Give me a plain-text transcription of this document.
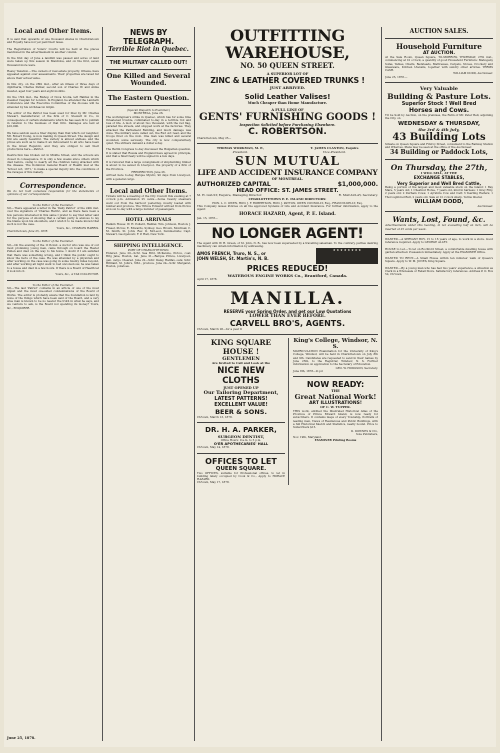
Local and Other Items.

It is said that upwards of one thousand shares in Charlottetown and Royalty have not yet paid their taxes.

The Registration of Voters' Courts will be held at the places mentioned in the advertisement in another column.

In the first day of June a landbill was passed and acres of land were taken up this season in Manitoba, and on the first, seven thousand more were.

Heavy Taxation.—The owners of real estate property, Ottawa, have appealed against over assessments. Their properties are taxed far above their actual value.

In this city, on the 28th inst., after an illness of three days of diphtheria, Charles Parker, second son of Charles W. and Annie Gaudet, aged four years and eight months.

On the 15th inst., the Bishop of Nova Scotia, left Halifax in the steamer Caspian for London. In England, he attended the Lambeth Conference and the Executive Committee of the diocese will be attended by his Archdeacon Gilpin.

The editor of the Patriot has been sued for libel by Mr. Charles Stewart, manufacturer, of the firm of C. Stewart & Co., in consequence of certain statements which he has seen fit to publish in relation to the business of that firm. Damages are laid at $10,000.

We have seldom seen a finer display than that which our neighbor, Mr. Robert Young, is now making in Queen Street. The design and tint are easily beautiful. The variety is almost endless, and the prices are such as to make it an inducement to all who have been in the Great Republic, and they are obliged to sell their productions here.—Patriot.

Destruction has broken out in Middle Street, and the schools are closed in consequence. It is only a few weeks since others which died before, owing to nearly all the children being attacked with the disease. The Dominion General Board of Health met at the 'School Act, 1871,' to make a special inquiry into the conditions of the ravages of this malady.

Correspondence.

We do not hold ourselves responsible for the statements or opinions of our correspondents.

To the Editor of the Examiner.

Sir,—There appeared a letter in the 'Daily Patriot' of the 24th inst. over the signature of 'Charles Harris', and as there have been a few persons interested in this same I prefer to say that letter said for the purpose of showing that a certain party is anxious to lay the blame upon his shoulders, and I wish it to be made known that such is not the case.

Yours, &c., CHARLES HARRIS.

Charlottetown, June 25, 1878.

To the Editor of the Examiner.

Sir,—On the evening of the 11th inst. a doctor who was one of our most promising young men, came through on board the Hester Pullen and died on the way to his home. I doubt if I am satisfied that there was something wrong, and I think the public ought to know the facts of the case. He was attended by a physician and after working on the case was going in some twenty miles beyond, and after working all night went to bed unconscious; he was taken to a house and died in a few hours. If there is a Board of Health let it look into it.

Yours, &c., A TAX COLLECTOR.

To the Editor of the Examiner.

Sir,—The last 'Patriot' contains in an article of one of the most unjust and the most one-sided condemnations of the Board of Works. The editor is probably aware that the foundation is laid by none of the things which have been said of the Board, and a very wise man is known to be no nearer the truth in what he says, and we venture to ask, is the Board not spending its money? Yours, &c., ENQUIRER.

June 25, 1878.
NEWS BY TELEGRAPH.
Terrible Riot in Quebec.
THE MILITARY CALLED OUT!
One Killed and Several Wounded.
The Eastern Question.

(Special Dispatch to Examiner.)

MONTREAL, June 26.

The workingmen's strike in Quebec, which has for some time threatened trouble, culminated to-day in a terrible riot and loss of life. A mob of about two thousand, with the red flag, paraded the streets, and stopped work at the factories. They attacked the Parliament Building, and much damage was done. The military were called out, the Riot Act read, and the troops fired on the mob. One man was killed and several wounded, some seriously. The city is now comparatively quiet. The strikers demand a dollar a day.

The Berlin Congress to-day discussed the Bulgarian question. It is stated that Russia and England have agreed in principle, and that a final treaty will be signed in a few days.

It is rumored that a large consignment of shipbuilding timber is about to be seized in Liverpool, the property of a firm of the Province.

FREDERICTON, June 26.

Arrived here to-day, Barque Mystic, 90 days from Liverpool, with a general cargo.

Local and Other Items.

Tickets will be a meeting of the City Council this evening at 7 o'clock p.m. Admission 25 cents.—Some twenty steamers went out from the harbour yesterday, mostly loaded with lumber and produce. The 'Prince Edward' arrived from Pictou at noon to-day with a large number of passengers.

HOTEL ARRIVALS

Rankin House: W. H. Pollard, Halifax; Wm. Johnson, Boston; J. Fraser, Pictou; E. Edwards, Sydney; Geo. Brown, Montreal; C. M. Smith, St. John; Rev. D. McLeod, Summerside; Capt. Stewart, Georgetown; F. P. Hall, New York.

SHIPPING INTELLIGENCE.

PORT OF CHARLOTTETOWN.

Entered. June 20—Schr. Sea Bird, McKenzie, Pictou, coal; Brig Jane, Boston, bal. June 21—Barque Prince, Liverpool, gen. cargo. Cleared. June 22—Schr. Daisy, Halifax, oats; Schr. Brilliant, St. John's, Nfld., produce. June 24—Schr. Margaret, Boston, potatoes.

OUTFITTING WAREHOUSE,
NO. 50 QUEEN STREET.
A SUPERIOR LOT OF
ZINC & LEATHER COVERED TRUNKS !
JUST ARRIVED.
Solid Leather Valises!
Much Cheaper than Home Manufacture.
A FULL LINE OF
GENTS' FURNISHING GOODS !
Inspection Solicited before Purchasing Elsewhere.
C. ROBERTSON.

Charlottetown, May 25—

THOMAS WORKMAN, M. P.,
President.
T. JAMES CLAXTON, Esquire
Vice-President.
SUN MUTUAL
LIFE AND ACCIDENT INSURANCE COMPANY
OF MONTREAL.
AUTHORIZED CAPITAL	$1,000,000.
HEAD OFFICE: ST. JAMES STREET.
M. H. GAULT, Esquire, Managing Director.	R. MACAULAY, Secretary.
CHARLOTTETOWN P. E. ISLAND DIRECTORS:

HON. L. C. OWEN, HON. J. F. ROBERTSON, HON. J. PATTON, OWEN CONNOLLY, Esq., FRANCIS KELLY, Esq.

This Company issues Policies on all the approved Systems of Life and Accident Insurance. For further information, apply to the Agent:

HORACE HAZARD, Agent, P. E. Island.

Jan. 15, 1878—

NO LONGER AGENT!

The Agent with W. H. Green, of St. John, N. B., has now been superseded by a travelling salesman. To the contrary, parties desiring machinery can obtain information by addressing.

AMOS FRENCH, Truro, N. S., or
JOHN WELSH, St. Martin's, N. B.
★ ★ ★ ★ ★ ★ ★ ★
PRICES REDUCED!
WATEROUS ENGINE WORKS Co., Brantford, Canada.

April 17, 1878.

MANILLA.
RESERVE your Spring Order, and get our Low Quotations
LOWER THAN EVER BEFORE.
CARVELL BRO'S, AGENTS.

Ch'town, March 26—for a year tl

KING SQUARE HOUSE !
GENTLEMEN
Are Invited to Call and Look at the
NICE NEW CLOTHS
JUST OPENED UP
Our Tailoring Department,
LATEST PATTERNS!
EXCELLENT VALUE!
BEER & SONS.

Ch'town, March 13, 1878.

DR. H. A. PARKER,
SURGEON DENTIST,

Office Hours: 9 a.m. to 5 p.m.

O'ER APOTHECARIES' HALL

Ch'town, May 14, 1878.

OFFICES TO LET
QUEEN SQUARE.

Two OFFICES, suitable for Professional offices, to let in building lately occupied by Cook & Co., Apply to HORACE HAZARD.

Ch'town, May 17, 1878.

King's College, Windsor, N. S.

MATRICULATION Examination for the University of King's College, Windsor, will be held in Charlottetown on July 8th and 9th. Candidates are requested to send in their names by June 25th, to the Registrar, Windsor, N. S. Further information on application to the Secretary of Education.

GEO. W. HODGSON, Secretary.

June 8th, 1878—2i pd

NOW READY:
THE
Great National Work!
ART ILLUSTRATIONS!
OF C. W. TUPPER.

THIS work, entitled the Illustrated Historical Atlas of the Province of Prince Edward Island, is now ready for subscribers. It contains maps of every Township, Portraits of leading men, Views of Residences and Public Buildings, with a full Historical Sketch and Statistics, neatly bound. Price to Subscribers $15.

D. DOWNES & CO.,

Sole Publishers,

Nov. 19th, Maryland.

EXAMINER Printing Rooms

AUCTION SALES.
Household Furniture
AT AUCTION.

At the Sale Room, Queen Square, TO-MORROW, THURSDAY, 27th inst., commencing at 10 o'clock, a quantity of good Household Furniture: Mahogany Sofas, Tables, Chairs, Bedsteads, Mattresses, Carpets, Stoves, Crockery and Glassware, Kitchen Utensils, together with sundry other articles. TERMS CASH.

WILLIAM DODD, Auctioneer.

June 25, 1878.—

Very Valuable
Building & Pasture Lots.
Superior Stock ! Well Bred
Horses and Cows.

TO be Sold by Auction, on the premises, the Farm of Mr. Peter Bell, adjoining the City, on

WEDNESDAY & THURSDAY,
the 3rd & 4th July,
43 Building Lots

Situate on Queen Square and Fitzroy Street, convenient to the Railway Station and Wharves. Plans may be seen at the office of the Auctioneer.

34 Building or Paddock Lots,
On Thursday, the 27th,
I WILL SELL, AT THE
EXCHANGE STABLES,
Very Superior and Well Bred Cattle,

Being a portion of the largest and most valuable stock on the Island: 1 Bay Mare, 5 years old; 1 Chestnut Horse, 7 years old, kind in harness; 1 Grey Filly, 2 years old; 2 Durham Cows; 1 Ayrshire Cow and Calf; 3 Yearling Heifers; 1 Thoroughbred Bull, 2 years old. Sale at 12 o'clock sharp. Terms liberal.

WILLIAM DODD,

Auctioneer.

Wants, Lost, Found, &c.

Advertisements under this heading, in not exceeding half an inch, will be inserted at 25 cents per week.

WANTED.—A SERVANT BOY, 15 to 16 years of age, to work in a store. Good reference required. Apply to GEORGE ALLEY.

HOUSE to Let.—To let on Rochford Street, a comfortable dwelling house with garden attached. Possession immediately. Apply at the EXAMINER Office.

WANTED TO RENT.—A Small House within ten minutes' walk of Queen's Square. Apply to W. M. JONES, King Square.

WANTED.—By a young man who has had two years' experience, a situation as Clerk in a Wholesale or Retail Store. Satisfactory references. Address P. O. Box 52, Ch'town.
